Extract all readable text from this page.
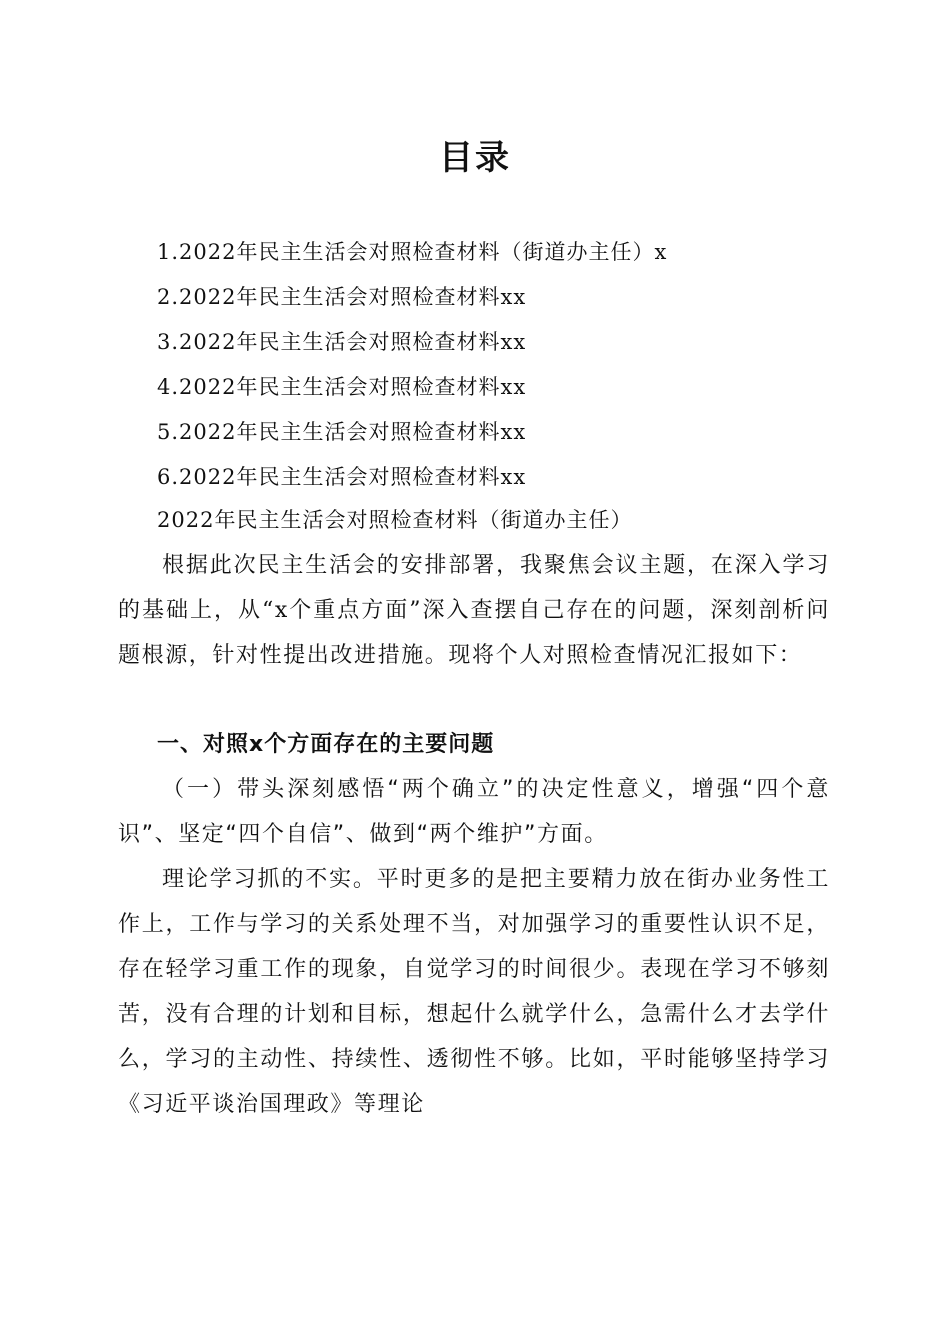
目录
1.2022年民主生活会对照检查材料（街道办主任）x
2.2022年民主生活会对照检查材料xx
3.2022年民主生活会对照检查材料xx
4.2022年民主生活会对照检查材料xx
5.2022年民主生活会对照检查材料xx
6.2022年民主生活会对照检查材料xx
2022年民主生活会对照检查材料（街道办主任）

根据此次民主生活会的安排部署，我聚焦会议主题，在深入学习的基础上，从“x个重点方面”深入查摆自己存在的问题，深刻剖析问题根源，针对性提出改进措施。现将个人对照检查情况汇报如下：

一、对照x个方面存在的主要问题

（一）带头深刻感悟“两个确立”的决定性意义，增强“四个意识”、坚定“四个自信”、做到“两个维护”方面。

理论学习抓的不实。平时更多的是把主要精力放在街办业务性工作上，工作与学习的关系处理不当，对加强学习的重要性认识不足，存在轻学习重工作的现象，自觉学习的时间很少。表现在学习不够刻苦，没有合理的计划和目标，想起什么就学什么，急需什么才去学什么，学习的主动性、持续性、透彻性不够。比如，平时能够坚持学习《习近平谈治国理政》等理论
